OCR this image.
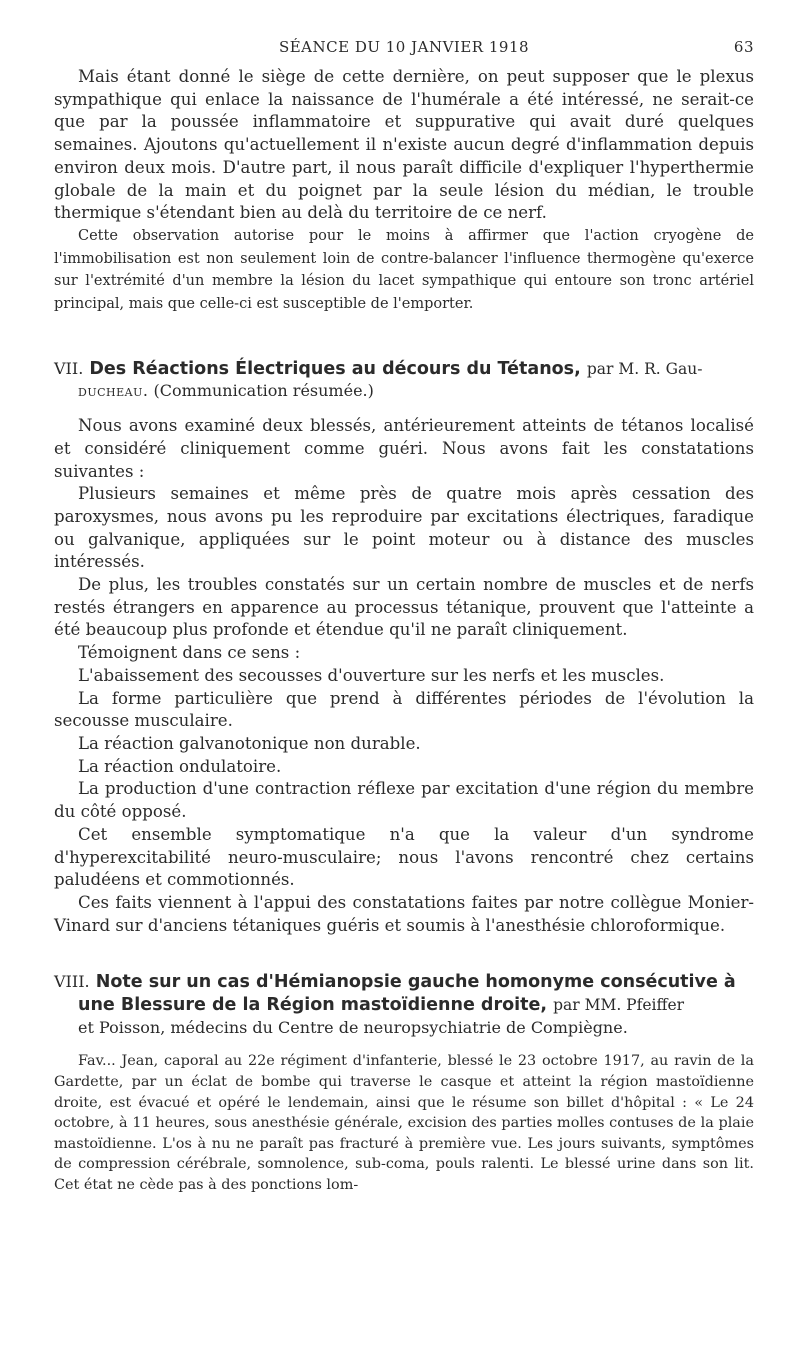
SÉANCE DU 10 JANVIER 1918	63

Mais étant donné le siège de cette dernière, on peut supposer que le plexus sympathique qui enlace la naissance de l'humérale a été intéressé, ne serait-ce que par la poussée inflammatoire et suppurative qui avait duré quelques semaines. Ajoutons qu'actuellement il n'existe aucun degré d'inflammation depuis environ deux mois. D'autre part, il nous paraît difficile d'expliquer l'hyperthermie globale de la main et du poignet par la seule lésion du médian, le trouble thermique s'étendant bien au delà du territoire de ce nerf.

Cette observation autorise pour le moins à affirmer que l'action cryogène de l'immobilisation est non seulement loin de contre-balancer l'influence thermogène qu'exerce sur l'extrémité d'un membre la lésion du lacet sympathique qui entoure son tronc artériel principal, mais que celle-ci est susceptible de l'emporter.

VII. Des Réactions Électriques au décours du Tétanos, par M. R. Gau-

ducheau. (Communication résumée.)

Nous avons examiné deux blessés, antérieurement atteints de tétanos localisé et considéré cliniquement comme guéri. Nous avons fait les constatations suivantes :

Plusieurs semaines et même près de quatre mois après cessation des paroxysmes, nous avons pu les reproduire par excitations électriques, faradique ou galvanique, appliquées sur le point moteur ou à distance des muscles intéressés.

De plus, les troubles constatés sur un certain nombre de muscles et de nerfs restés étrangers en apparence au processus tétanique, prouvent que l'atteinte a été beaucoup plus profonde et étendue qu'il ne paraît cliniquement.

Témoignent dans ce sens :

L'abaissement des secousses d'ouverture sur les nerfs et les muscles.

La forme particulière que prend à différentes périodes de l'évolution la secousse musculaire.

La réaction galvanotonique non durable.

La réaction ondulatoire.

La production d'une contraction réflexe par excitation d'une région du membre du côté opposé.

Cet ensemble symptomatique n'a que la valeur d'un syndrome d'hyperexcitabilité neuro-musculaire; nous l'avons rencontré chez certains paludéens et commotionnés.

Ces faits viennent à l'appui des constatations faites par notre collègue Monier-Vinard sur d'anciens tétaniques guéris et soumis à l'anesthésie chloroformique.

VIII. Note sur un cas d'Hémianopsie gauche homonyme consécutive à une Blessure de la Région mastoïdienne droite, par MM. Pfeiffer

et Poisson, médecins du Centre de neuropsychiatrie de Compiègne.

Fav... Jean, caporal au 22e régiment d'infanterie, blessé le 23 octobre 1917, au ravin de la Gardette, par un éclat de bombe qui traverse le casque et atteint la région mastoïdienne droite, est évacué et opéré le lendemain, ainsi que le résume son billet d'hôpital : « Le 24 octobre, à 11 heures, sous anesthésie générale, excision des parties molles contuses de la plaie mastoïdienne. L'os à nu ne paraît pas fracturé à première vue. Les jours suivants, symptômes de compression cérébrale, somnolence, sub-coma, pouls ralenti. Le blessé urine dans son lit. Cet état ne cède pas à des ponctions lom-
